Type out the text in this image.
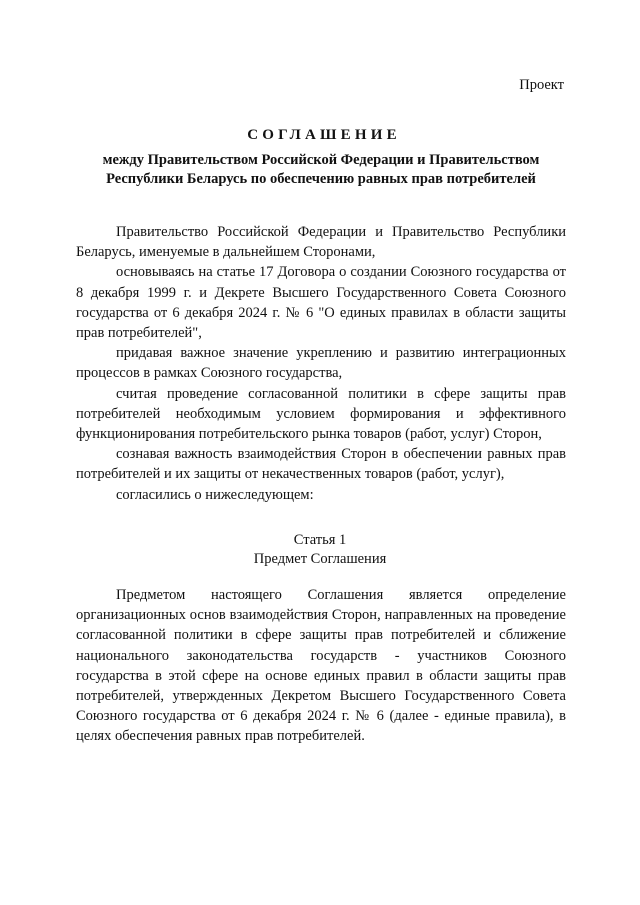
Проект
СОГЛАШЕНИЕ
между Правительством Российской Федерации и Правительством Республики Беларусь по обеспечению равных прав потребителей

Правительство Российской Федерации и Правительство Республики Беларусь, именуемые в дальнейшем Сторонами,

основываясь на статье 17 Договора о создании Союзного государства от 8 декабря 1999 г. и Декрете Высшего Государственного Совета Союзного государства от 6 декабря 2024 г. № 6 "О единых правилах в области защиты прав потребителей",

придавая важное значение укреплению и развитию интеграционных процессов в рамках Союзного государства,

считая проведение согласованной политики в сфере защиты прав потребителей необходимым условием формирования и эффективного функционирования потребительского рынка товаров (работ, услуг) Сторон,

сознавая важность взаимодействия Сторон в обеспечении равных прав потребителей и их защиты от некачественных товаров (работ, услуг),

согласились о нижеследующем:

Статья 1
Предмет Соглашения

Предметом настоящего Соглашения является определение организационных основ взаимодействия Сторон, направленных на проведение согласованной политики в сфере защиты прав потребителей и сближение национального законодательства государств - участников Союзного государства в этой сфере на основе единых правил в области защиты прав потребителей, утвержденных Декретом Высшего Государственного Совета Союзного государства от 6 декабря 2024 г. № 6 (далее - единые правила), в целях обеспечения равных прав потребителей.
